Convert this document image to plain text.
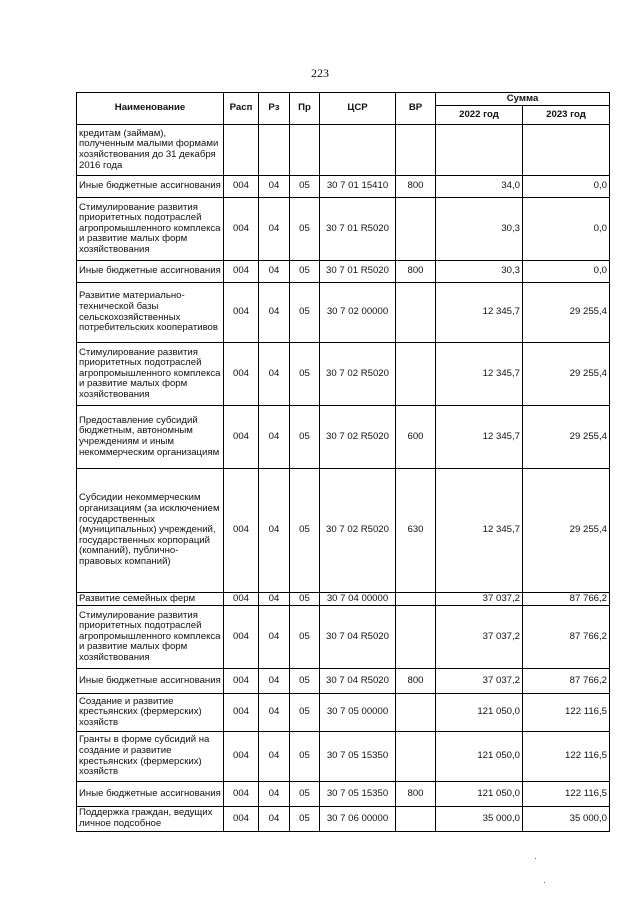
223
Наименование	Расп	Рз	Пр	ЦСР	ВР	Сумма	
						2022 год	2023 год
кредитам (займам), полученным малыми формами хозяйствования до 31 декабря 2016 года							
Иные бюджетные ассигнования	004	04	05	30 7 01 15410	800	34,0	0,0
Стимулирование развития приоритетных подотраслей агропромышленного комплекса и развитие малых форм хозяйствования	004	04	05	30 7 01 R5020		30,3	0,0
Иные бюджетные ассигнования	004	04	05	30 7 01 R5020	800	30,3	0,0
Развитие материально-технической базы сельскохозяйственных потребительских кооперативов	004	04	05	30 7 02 00000		12 345,7	29 255,4
Стимулирование развития приоритетных подотраслей агропромышленного комплекса и развитие малых форм хозяйствования	004	04	05	30 7 02 R5020		12 345,7	29 255,4
Предоставление субсидий бюджетным, автономным учреждениям и иным некоммерческим организациям	004	04	05	30 7 02 R5020	600	12 345,7	29 255,4
Субсидии некоммерческим организациям (за исключением государственных (муниципальных) учреждений, государственных корпораций (компаний), публично-правовых компаний)	004	04	05	30 7 02 R5020	630	12 345,7	29 255,4
Развитие семейных ферм	004	04	05	30 7 04 00000		37 037,2	87 766,2
Стимулирование развития приоритетных подотраслей агропромышленного комплекса и развитие малых форм хозяйствования	004	04	05	30 7 04 R5020		37 037,2	87 766,2
Иные бюджетные ассигнования	004	04	05	30 7 04 R5020	800	37 037,2	87 766,2
Создание и развитие крестьянских (фермерских) хозяйств	004	04	05	30 7 05 00000		121 050,0	122 116,5
Гранты в форме субсидий на создание и развитие крестьянских (фермерских) хозяйств	004	04	05	30 7 05 15350		121 050,0	122 116,5
Иные бюджетные ассигнования	004	04	05	30 7 05 15350	800	121 050,0	122 116,5
Поддержка граждан, ведущих личное подсобное	004	04	05	30 7 06 00000		35 000,0	35 000,0
